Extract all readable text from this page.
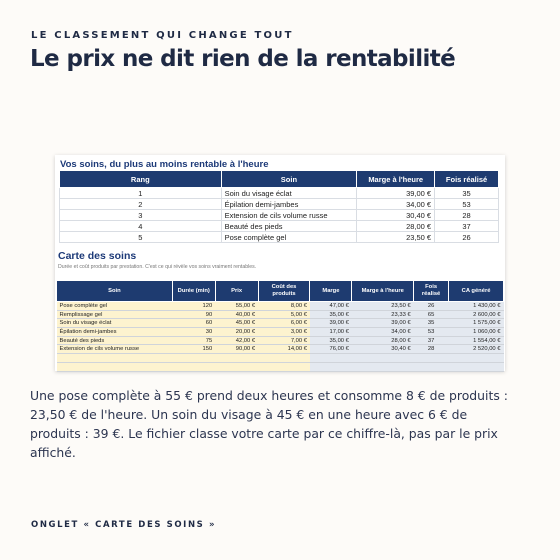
LE CLASSEMENT QUI CHANGE TOUT
Le prix ne dit rien de la rentabilité
Vos soins, du plus au moins rentable à l'heure
Rang	Soin	Marge à l'heure	Fois réalisé
1	Soin du visage éclat	39,00 €	35
2	Épilation demi-jambes	34,00 €	53
3	Extension de cils volume russe	30,40 €	28
4	Beauté des pieds	28,00 €	37
5	Pose complète gel	23,50 €	26
Carte des soins
Durée et coût produits par prestation. C'est ce qui révèle vos soins vraiment rentables.
Soin	Durée (min)	Prix	Coût des produits	Marge	Marge à l'heure	Fois réalisé	CA généré
Pose complète gel	120	55,00 €	8,00 €	47,00 €	23,50 €	26	1 430,00 €
Remplissage gel	90	40,00 €	5,00 €	35,00 €	23,33 €	65	2 600,00 €
Soin du visage éclat	60	45,00 €	6,00 €	39,00 €	39,00 €	35	1 575,00 €
Épilation demi-jambes	30	20,00 €	3,00 €	17,00 €	34,00 €	53	1 060,00 €
Beauté des pieds	75	42,00 €	7,00 €	35,00 €	28,00 €	37	1 554,00 €
Extension de cils volume russe	150	90,00 €	14,00 €	76,00 €	30,40 €	28	2 520,00 €

Une pose complète à 55 € prend deux heures et consomme 8 € de produits : 23,50 € de l'heure. Un soin du visage à 45 € en une heure avec 6 € de produits : 39 €. Le fichier classe votre carte par ce chiffre-là, pas par le prix affiché.
ONGLET « CARTE DES SOINS »
